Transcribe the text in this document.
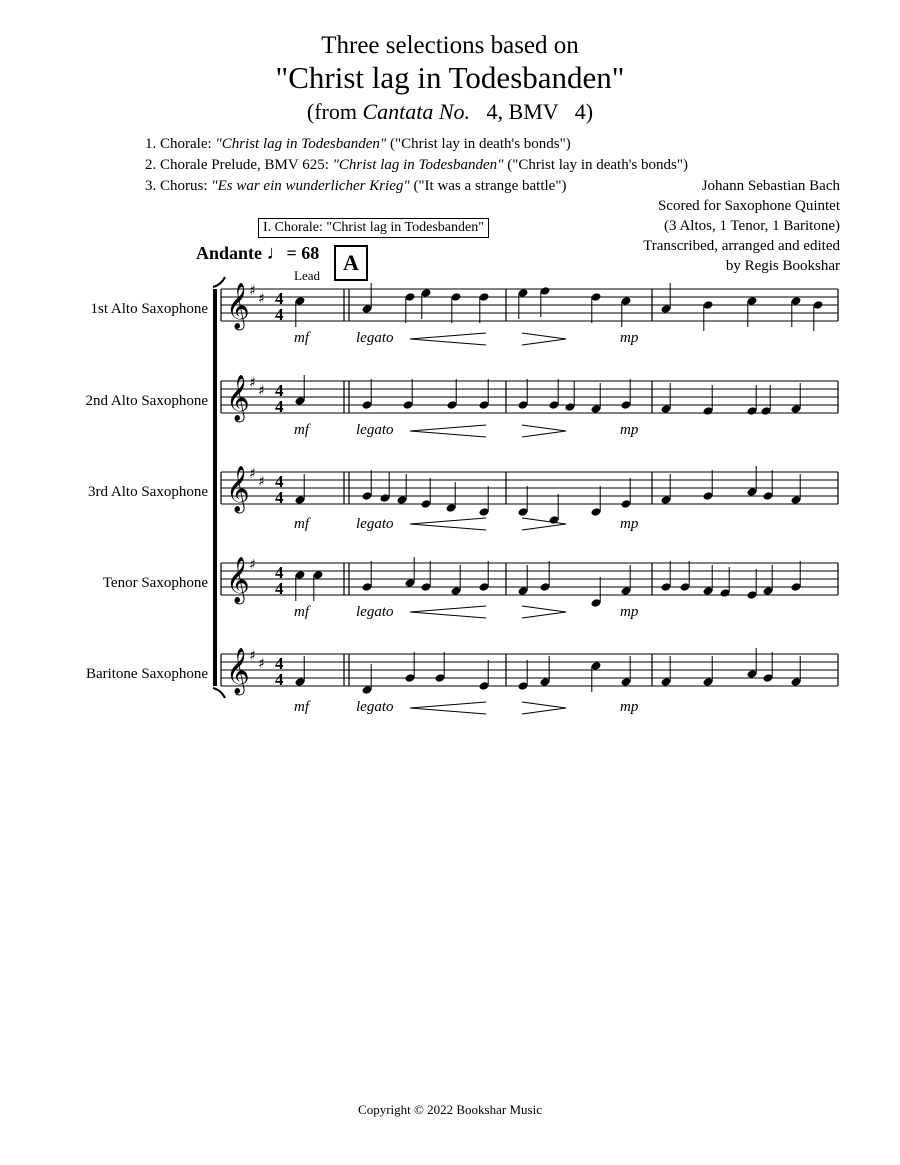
Three selections based on
"Christ lag in Todesbanden"
(from Cantata No.   4, BMV   4)
1. Chorale: "Christ lag in Todesbanden" ("Christ lay in death's bonds")
2. Chorale Prelude, BMV 625: "Christ lag in Todesbanden" ("Christ lay in death's bonds")
3. Chorus: "Es war ein wunderlicher Krieg" ("It was a strange battle")	Johann Sebastian Bach
Scored for Saxophone Quintet
(3 Altos, 1 Tenor, 1 Baritone)
Transcribed, arranged and edited
by Regis Bookshar
I. Chorale: "Christ lag in Todesbanden"
Andante ♩= 68	A
Lead
1st Alto Saxophone
2nd Alto Saxophone
3rd Alto Saxophone
Tenor Saxophone
Baritone Saxophone
mf	legato	mp
mf	legato	mp
mf	legato	mp
mf	legato	mp
mf	legato	mp
𝄞 ♯ ♯ 4
4
𝄞 ♯ ♯ 4
4
𝄞 ♯ ♯ 4
4
𝄞 ♯ 4
4
𝄞 ♯ ♯ 4
4
Copyright © 2022 Bookshar Music
